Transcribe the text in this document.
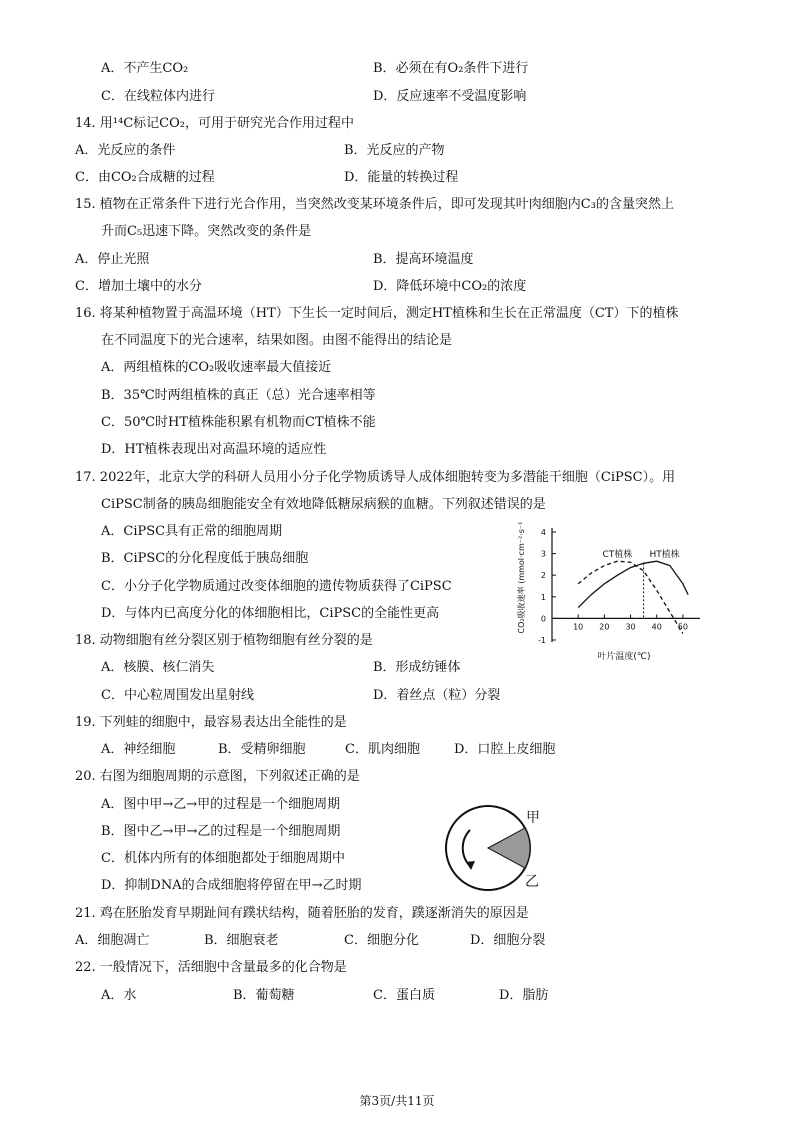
A．不产生CO₂	B．必须在有O₂条件下进行
C．在线粒体内进行	D．反应速率不受温度影响
14. 用¹⁴C标记CO₂，可用于研究光合作用过程中
A．光反应的条件	B．光反应的产物
C．由CO₂合成糖的过程	D．能量的转换过程
15. 植物在正常条件下进行光合作用，当突然改变某环境条件后，即可发现其叶肉细胞内C₃的含量突然上
升而C₅迅速下降。突然改变的条件是
A．停止光照	B．提高环境温度
C．增加土壤中的水分	D．降低环境中CO₂的浓度
16. 将某种植物置于高温环境（HT）下生长一定时间后，测定HT植株和生长在正常温度（CT）下的植株
在不同温度下的光合速率，结果如图。由图不能得出的结论是
A．两组植株的CO₂吸收速率最大值接近
B．35℃时两组植株的真正（总）光合速率相等
C．50℃时HT植株能积累有机物而CT植株不能
D．HT植株表现出对高温环境的适应性
17. 2022年，北京大学的科研人员用小分子化学物质诱导人成体细胞转变为多潜能干细胞（CiPSC）。用
CiPSC制备的胰岛细胞能安全有效地降低糖尿病猴的血糖。下列叙述错误的是
A．CiPSC具有正常的细胞周期
B．CiPSC的分化程度低于胰岛细胞
C．小分子化学物质通过改变体细胞的遗传物质获得了CiPSC
D．与体内已高度分化的体细胞相比，CiPSC的全能性更高
18. 动物细胞有丝分裂区别于植物细胞有丝分裂的是
A．核膜、核仁消失	B．形成纺锤体
C．中心粒周围发出星射线	D．着丝点（粒）分裂
19. 下列蛙的细胞中，最容易表达出全能性的是
A．神经细胞	B．受精卵细胞	C．肌肉细胞	D．口腔上皮细胞
20. 右图为细胞周期的示意图，下列叙述正确的是
A．图中甲→乙→甲的过程是一个细胞周期
B．图中乙→甲→乙的过程是一个细胞周期
C．机体内所有的体细胞都处于细胞周期中
D．抑制DNA的合成细胞将停留在甲→乙时期
21. 鸡在胚胎发育早期趾间有蹼状结构，随着胚胎的发育，蹼逐渐消失的原因是
A．细胞凋亡	B．细胞衰老	C．细胞分化	D．细胞分裂
22. 一般情况下，活细胞中含量最多的化合物是
A．水	B．葡萄糖	C．蛋白质	D．脂肪
-1
0
1
2
3
4
10 20 30 40 50
叶片温度(℃)
CO₂吸收速率 (mmol·cm⁻²·s⁻¹)	CT植株 HT植株
甲
乙
第3页/共11页
